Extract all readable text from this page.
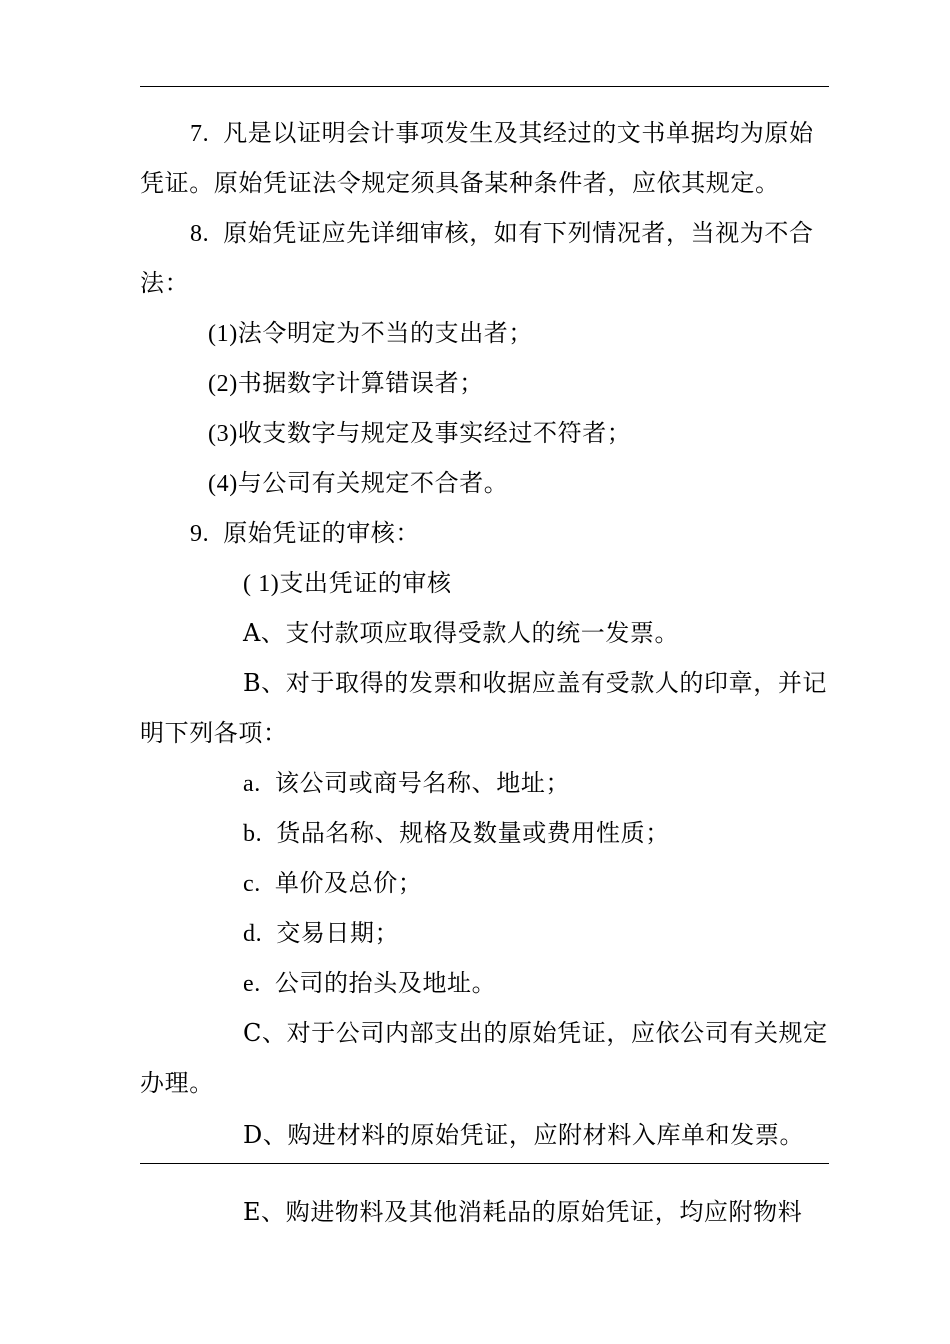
7. 凡是以证明会计事项发生及其经过的文书单据均为原始
凭证。原始凭证法令规定须具备某种条件者，应依其规定。
8. 原始凭证应先详细审核，如有下列情况者，当视为不合
法：
(1)法令明定为不当的支出者；
(2)书据数字计算错误者；
(3)收支数字与规定及事实经过不符者；
(4)与公司有关规定不合者。
9. 原始凭证的审核：
( 1)支出凭证的审核
A、支付款项应取得受款人的统一发票。
B、对于取得的发票和收据应盖有受款人的印章，并记
明下列各项：
a. 该公司或商号名称、地址；
b. 货品名称、规格及数量或费用性质；
c. 单价及总价；
d. 交易日期；
e. 公司的抬头及地址。
C、对于公司内部支出的原始凭证，应依公司有关规定
办理。
D、购进材料的原始凭证，应附材料入库单和发票。
E、购进物料及其他消耗品的原始凭证，均应附物料
